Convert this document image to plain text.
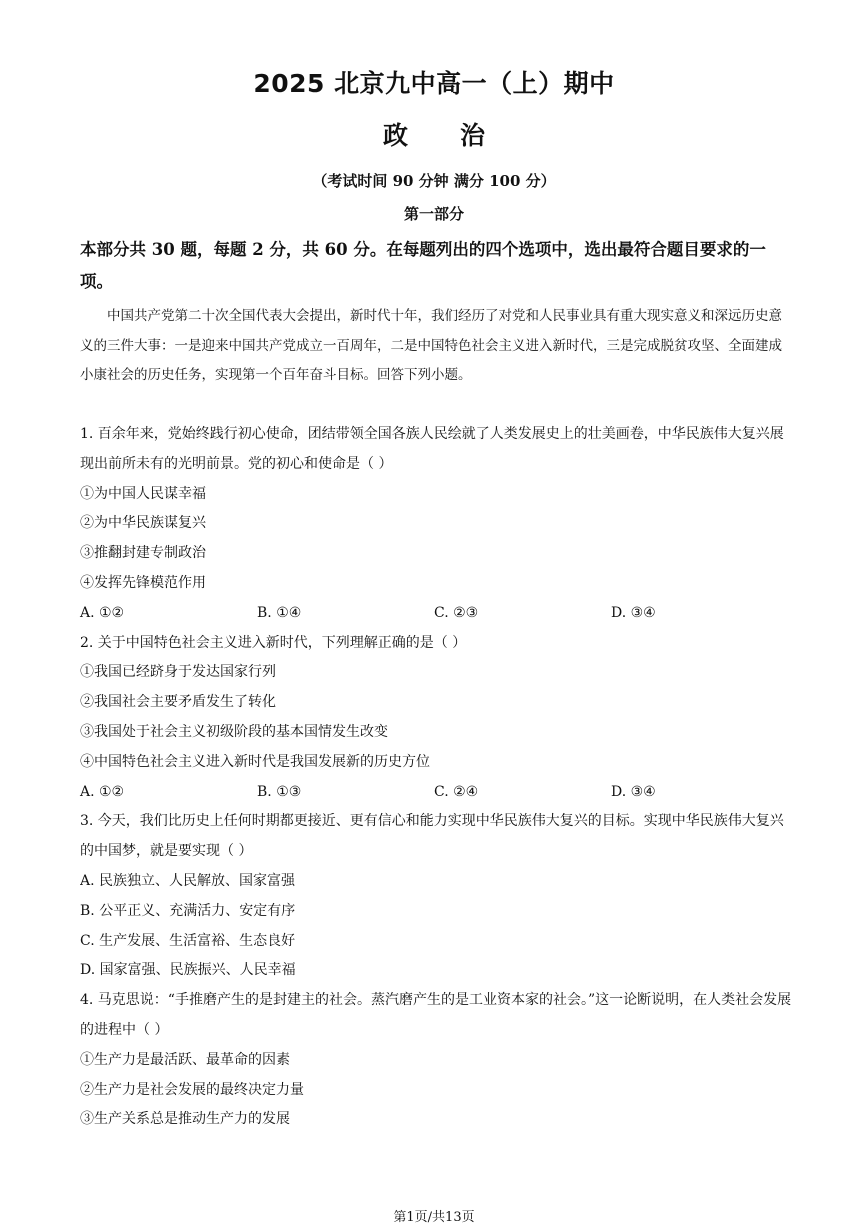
2025 北京九中高一（上）期中
政治
（考试时间 90 分钟 满分 100 分）
第一部分
本部分共 30 题，每题 2 分，共 60 分。在每题列出的四个选项中，选出最符合题目要求的一项。
中国共产党第二十次全国代表大会提出，新时代十年，我们经历了对党和人民事业具有重大现实意义和深远历史意义的三件大事：一是迎来中国共产党成立一百周年，二是中国特色社会主义进入新时代，三是完成脱贫攻坚、全面建成小康社会的历史任务，实现第一个百年奋斗目标。回答下列小题。
1. 百余年来，党始终践行初心使命，团结带领全国各族人民绘就了人类发展史上的壮美画卷，中华民族伟大复兴展现出前所未有的光明前景。党的初心和使命是（ ）
①为中国人民谋幸福
②为中华民族谋复兴
③推翻封建专制政治
④发挥先锋模范作用
A. ①②	B. ①④	C. ②③	D. ③④
2. 关于中国特色社会主义进入新时代，下列理解正确的是（ ）
①我国已经跻身于发达国家行列
②我国社会主要矛盾发生了转化
③我国处于社会主义初级阶段的基本国情发生改变
④中国特色社会主义进入新时代是我国发展新的历史方位
A. ①②	B. ①③	C. ②④	D. ③④
3. 今天，我们比历史上任何时期都更接近、更有信心和能力实现中华民族伟大复兴的目标。实现中华民族伟大复兴的中国梦，就是要实现（ ）
A. 民族独立、人民解放、国家富强
B. 公平正义、充满活力、安定有序
C. 生产发展、生活富裕、生态良好
D. 国家富强、民族振兴、人民幸福
4. 马克思说：“手推磨产生的是封建主的社会。蒸汽磨产生的是工业资本家的社会。”这一论断说明，在人类社会发展的进程中（ ）
①生产力是最活跃、最革命的因素
②生产力是社会发展的最终决定力量
③生产关系总是推动生产力的发展
第1页/共13页
